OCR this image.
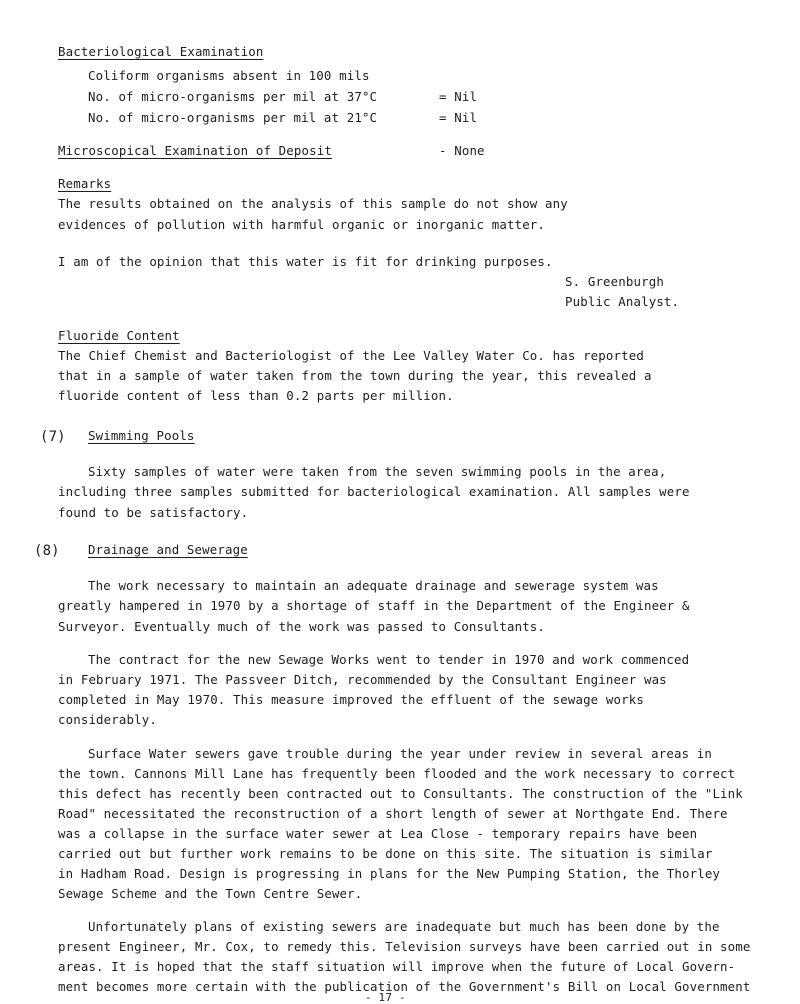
Bacteriological Examination
Coliform organisms absent in 100 mils
No. of micro-organisms per mil at 37°C	= Nil
No. of micro-organisms per mil at 21°C	= Nil
Microscopical Examination of Deposit	- None
Remarks
The results obtained on the analysis of this sample do not show any
evidences of pollution with harmful organic or inorganic matter.
I am of the opinion that this water is fit for drinking purposes.
S. Greenburgh
Public Analyst.
Fluoride Content
The Chief Chemist and Bacteriologist of the Lee Valley Water Co. has reported
that in a sample of water taken from the town during the year, this revealed a
fluoride content of less than 0.2 parts per million.
(7) Swimming Pools
Sixty samples of water were taken from the seven swimming pools in the area,
including three samples submitted for bacteriological examination. All samples were
found to be satisfactory.
(8) Drainage and Sewerage
The work necessary to maintain an adequate drainage and sewerage system was
greatly hampered in 1970 by a shortage of staff in the Department of the Engineer &
Surveyor. Eventually much of the work was passed to Consultants.
The contract for the new Sewage Works went to tender in 1970 and work commenced
in February 1971. The Passveer Ditch, recommended by the Consultant Engineer was
completed in May 1970. This measure improved the effluent of the sewage works
considerably.
Surface Water sewers gave trouble during the year under review in several areas in
the town. Cannons Mill Lane has frequently been flooded and the work necessary to correct
this defect has recently been contracted out to Consultants. The construction of the "Link
Road" necessitated the reconstruction of a short length of sewer at Northgate End. There
was a collapse in the surface water sewer at Lea Close - temporary repairs have been
carried out but further work remains to be done on this site. The situation is similar
in Hadham Road. Design is progressing in plans for the New Pumping Station, the Thorley
Sewage Scheme and the Town Centre Sewer.
Unfortunately plans of existing sewers are inadequate but much has been done by the
present Engineer, Mr. Cox, to remedy this. Television surveys have been carried out in some
areas. It is hoped that the staff situation will improve when the future of Local Govern-
ment becomes more certain with the publication of the Government's Bill on Local Government
- 17 -
